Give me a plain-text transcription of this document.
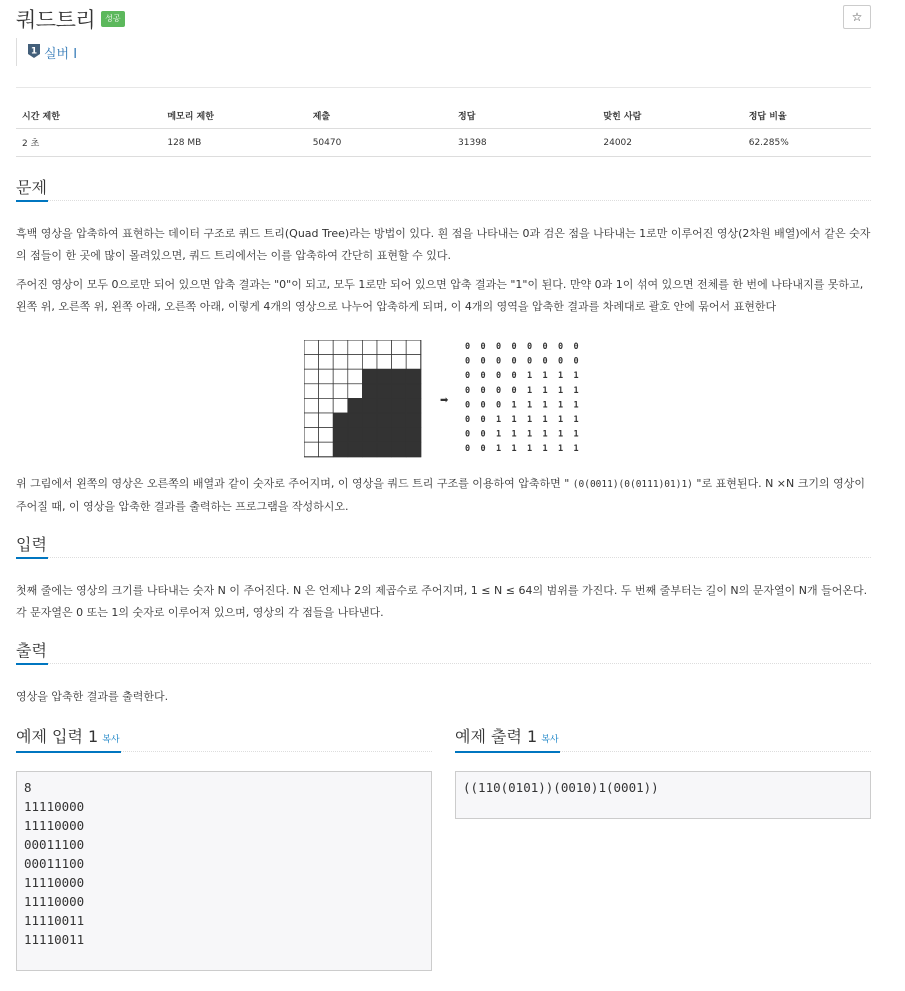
쿼드트리	성공	☆
1 실버 I
시간 제한	메모리 제한	제출	정답	맞힌 사람	정답 비율
2 초	128 MB	50470	31398	24002	62.285%
문제
흑백 영상을 압축하여 표현하는 데이터 구조로 쿼드 트리(Quad Tree)라는 방법이 있다. 흰 점을 나타내는 0과 검은 점을 나타내는 1로만 이루어진 영상(2차원 배열)에서 같은 숫자의 점들이 한 곳에 많이 몰려있으면, 쿼드 트리에서는 이를 압축하여 간단히 표현할 수 있다.
주어진 영상이 모두 0으로만 되어 있으면 압축 결과는 "0"이 되고, 모두 1로만 되어 있으면 압축 결과는 "1"이 된다. 만약 0과 1이 섞여 있으면 전체를 한 번에 나타내지를 못하고, 왼쪽 위, 오른쪽 위, 왼쪽 아래, 오른쪽 아래, 이렇게 4개의 영상으로 나누어 압축하게 되며, 이 4개의 영역을 압축한 결과를 차례대로 괄호 안에 묶어서 표현한다
➡
0 0 0 0 0 0 0 0
0 0 0 0 0 0 0 0
0 0 0 0 1 1 1 1
0 0 0 0 1 1 1 1
0 0 0 1 1 1 1 1
0 0 1 1 1 1 1 1
0 0 1 1 1 1 1 1
0 0 1 1 1 1 1 1
위 그림에서 왼쪽의 영상은 오른쪽의 배열과 같이 숫자로 주어지며, 이 영상을 쿼드 트리 구조를 이용하여 압축하면 " (0(0011)(0(0111)01)1) "로 표현된다. N ×N 크기의 영상이 주어질 때, 이 영상을 압축한 결과를 출력하는 프로그램을 작성하시오.
입력
첫째 줄에는 영상의 크기를 나타내는 숫자 N 이 주어진다. N 은 언제나 2의 제곱수로 주어지며, 1 ≤ N ≤ 64의 범위를 가진다. 두 번째 줄부터는 길이 N의 문자열이 N개 들어온다. 각 문자열은 0 또는 1의 숫자로 이루어져 있으며, 영상의 각 점들을 나타낸다.
출력
영상을 압축한 결과를 출력한다.
예제 입력 1 복사	예제 출력 1 복사
8
11110000
11110000
00011100
00011100
11110000
11110000
11110011
11110011
((110(0101))(0010)1(0001))
